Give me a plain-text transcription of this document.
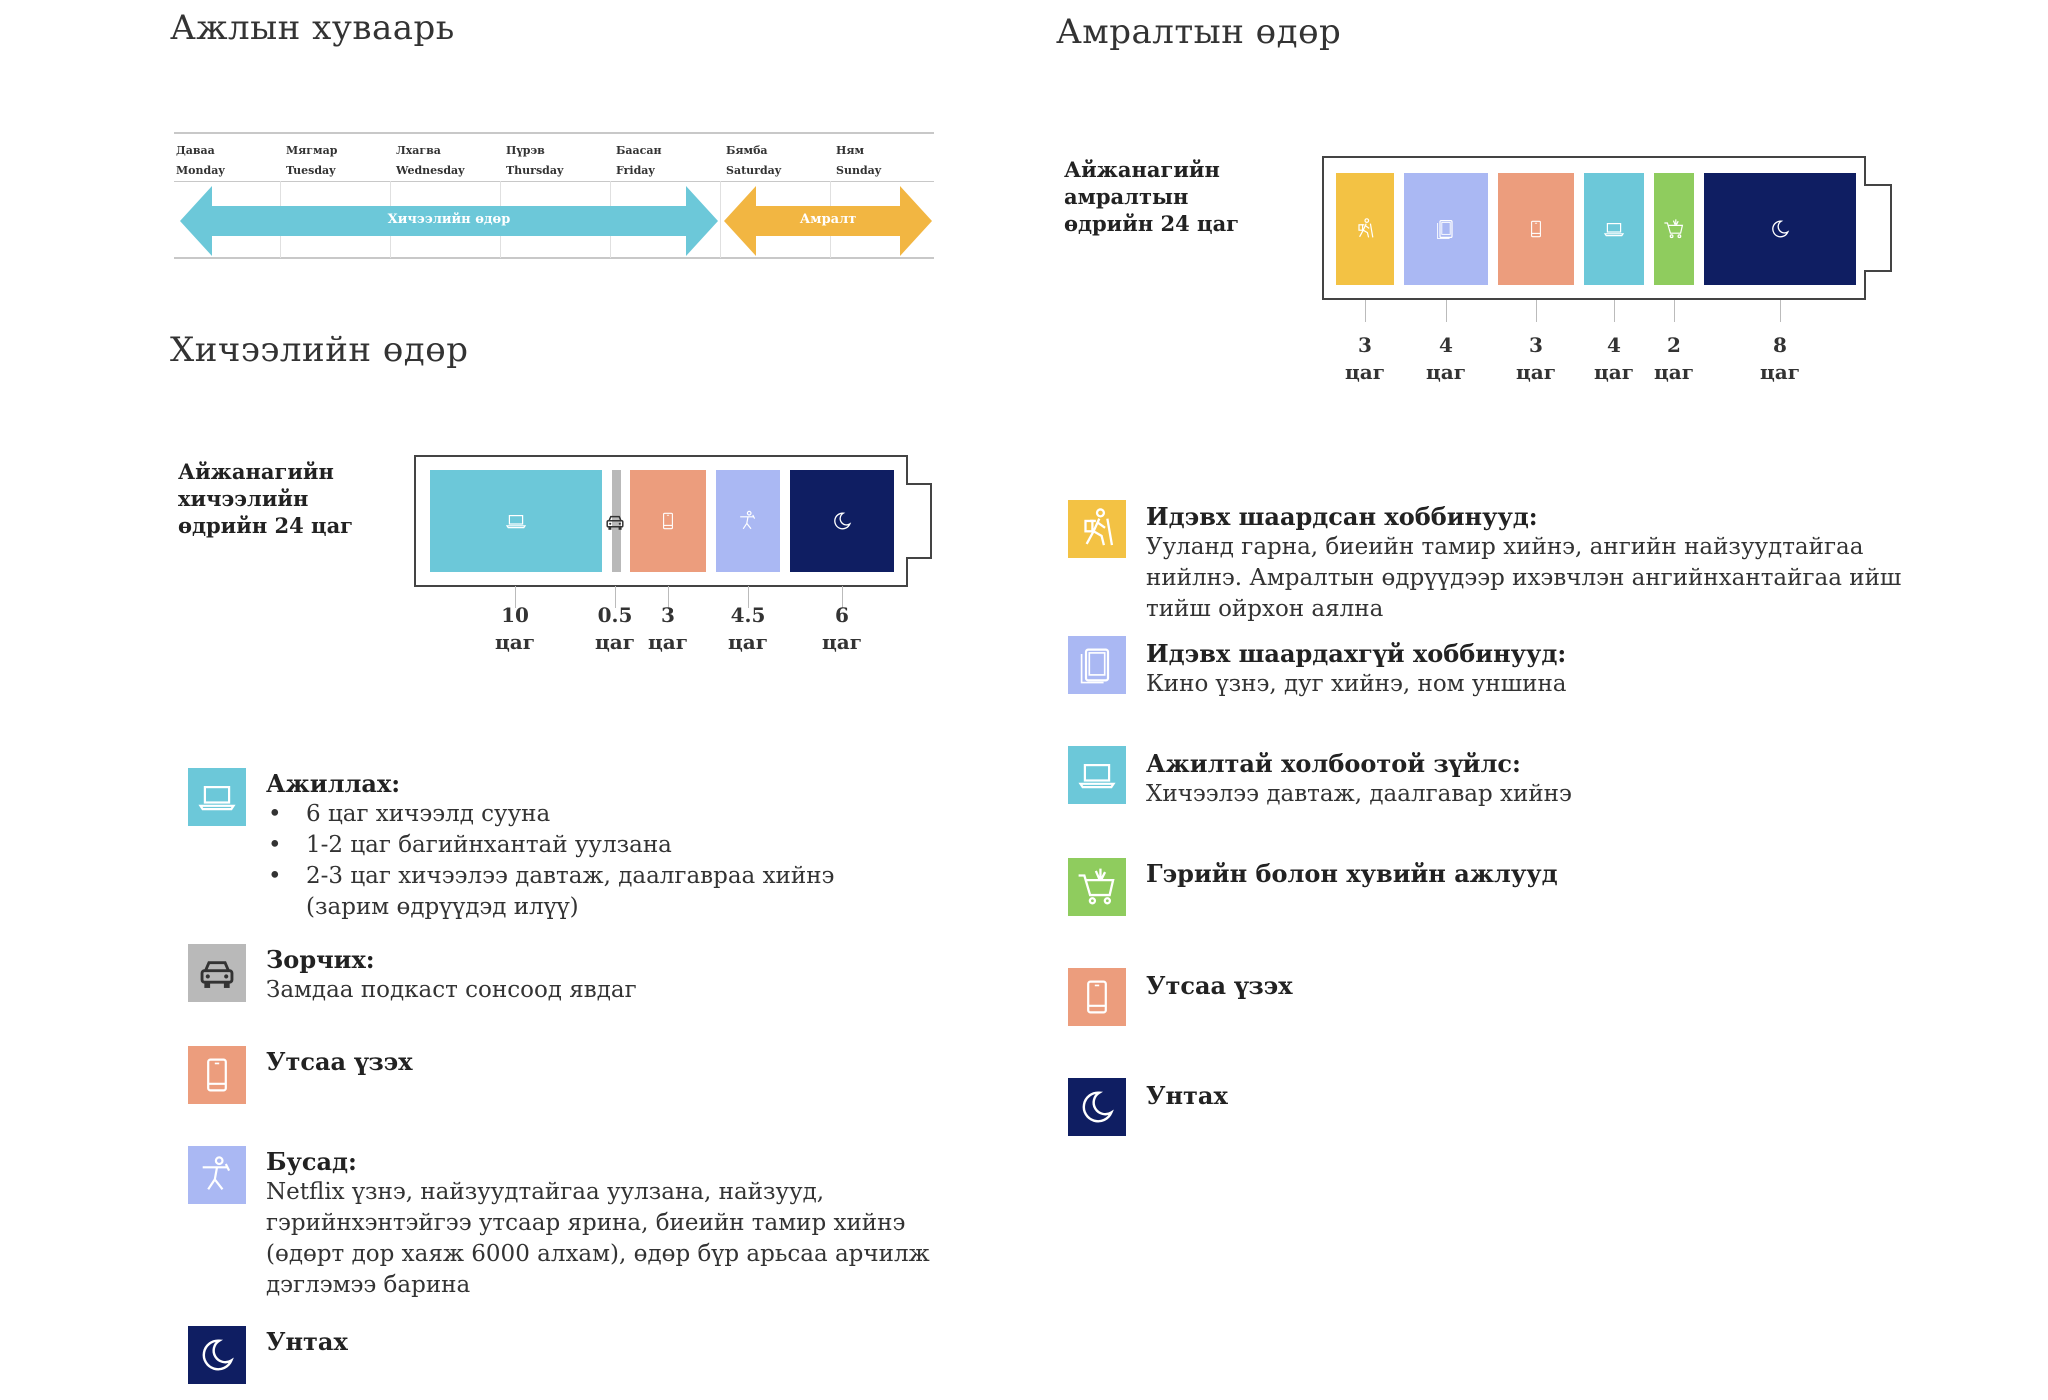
Ажлын хуваарь
Даваа
Monday
Мягмар
Tuesday
Лхагва
Wednesday
Пүрэв
Thursday
Баасан
Friday
Бямба
Saturday
Ням
Sunday
Хичээлийн өдөр	Амралт
Хичээлийн өдөр
Айжанагийн хичээлийн өдрийн 24 цаг
10
цаг
0.5
цаг
3
цаг
4.5
цаг
6
цаг
Ажиллах:
• 6 цаг хичээлд сууна
• 1-2 цаг багийнхантай уулзана
• 2-3 цаг хичээлээ давтаж, даалгавраа хийнэ
(зарим өдрүүдэд илүү)
Зорчих:
Замдаа подкаст сонсоод явдаг
Утсаа үзэх
Бусад:
Netflix үзнэ, найзуудтайгаа уулзана, найзууд,
гэрийнхэнтэйгээ утсаар ярина, биеийн тамир хийнэ
(өдөрт дор хаяж 6000 алхам), өдөр бүр арьсаа арчилж
дэглэмээ барина
Унтах
Амралтын өдөр
Айжанагийн амралтын өдрийн 24 цаг
3
цаг
4
цаг
3
цаг
4
цаг
2
цаг
8
цаг
Идэвх шаардсан хоббинууд:
Ууланд гарна, биеийн тамир хийнэ, ангийн найзуудтайгаа
нийлнэ. Амралтын өдрүүдээр ихэвчлэн ангийнхантайгаа ийш
тийш ойрхон аялна
Идэвх шаардахгүй хоббинууд:
Кино үзнэ, дуг хийнэ, ном уншина
Ажилтай холбоотой зүйлс:
Хичээлээ давтаж, даалгавар хийнэ
Гэрийн болон хувийн ажлууд
Утсаа үзэх
Унтах
